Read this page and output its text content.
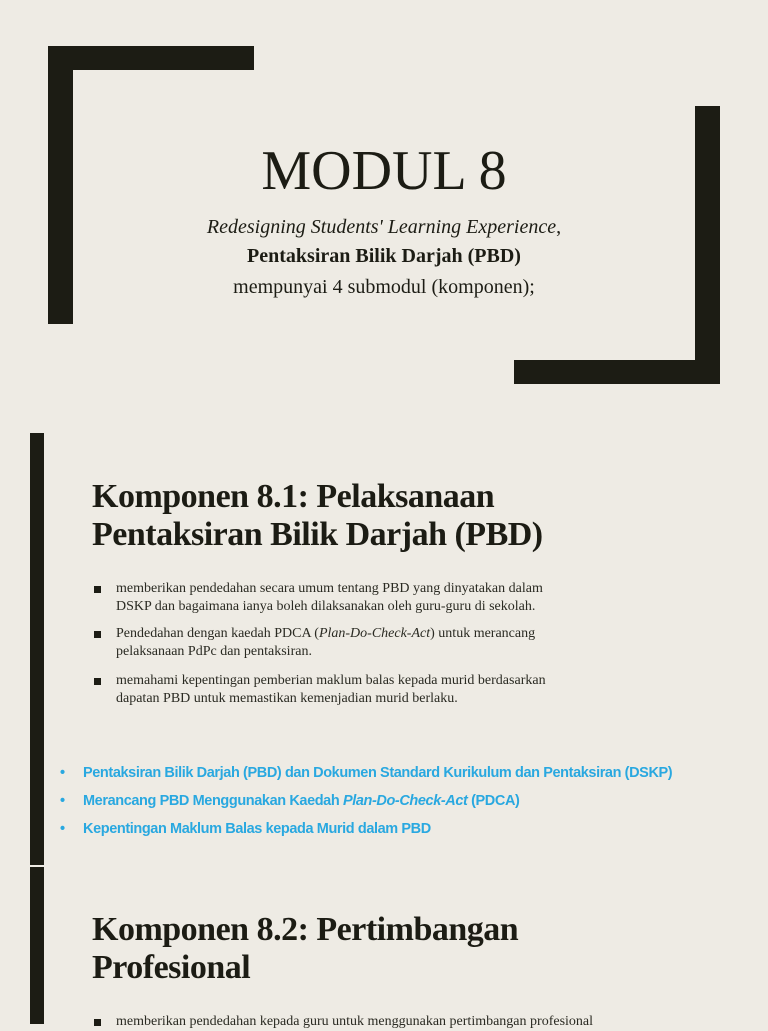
MODUL 8
Redesigning Students' Learning Experience,
Pentaksiran Bilik Darjah (PBD)
mempunyai 4 submodul (komponen);
Komponen 8.1: Pelaksanaan
Pentaksiran Bilik Darjah (PBD)
memberikan pendedahan secara umum tentang PBD yang dinyatakan dalam
DSKP dan bagaimana ianya boleh dilaksanakan oleh guru-guru di sekolah.
Pendedahan dengan kaedah PDCA (Plan-Do-Check-Act) untuk merancang
pelaksanaan PdPc dan pentaksiran.
memahami kepentingan pemberian maklum balas kepada murid berdasarkan
dapatan PBD untuk memastikan kemenjadian murid berlaku.
• Pentaksiran Bilik Darjah (PBD) dan Dokumen Standard Kurikulum dan Pentaksiran (DSKP)
• Merancang PBD Menggunakan Kaedah Plan-Do-Check-Act (PDCA)
• Kepentingan Maklum Balas kepada Murid dalam PBD
Komponen 8.2: Pertimbangan
Profesional
memberikan pendedahan kepada guru untuk menggunakan pertimbangan profesional
